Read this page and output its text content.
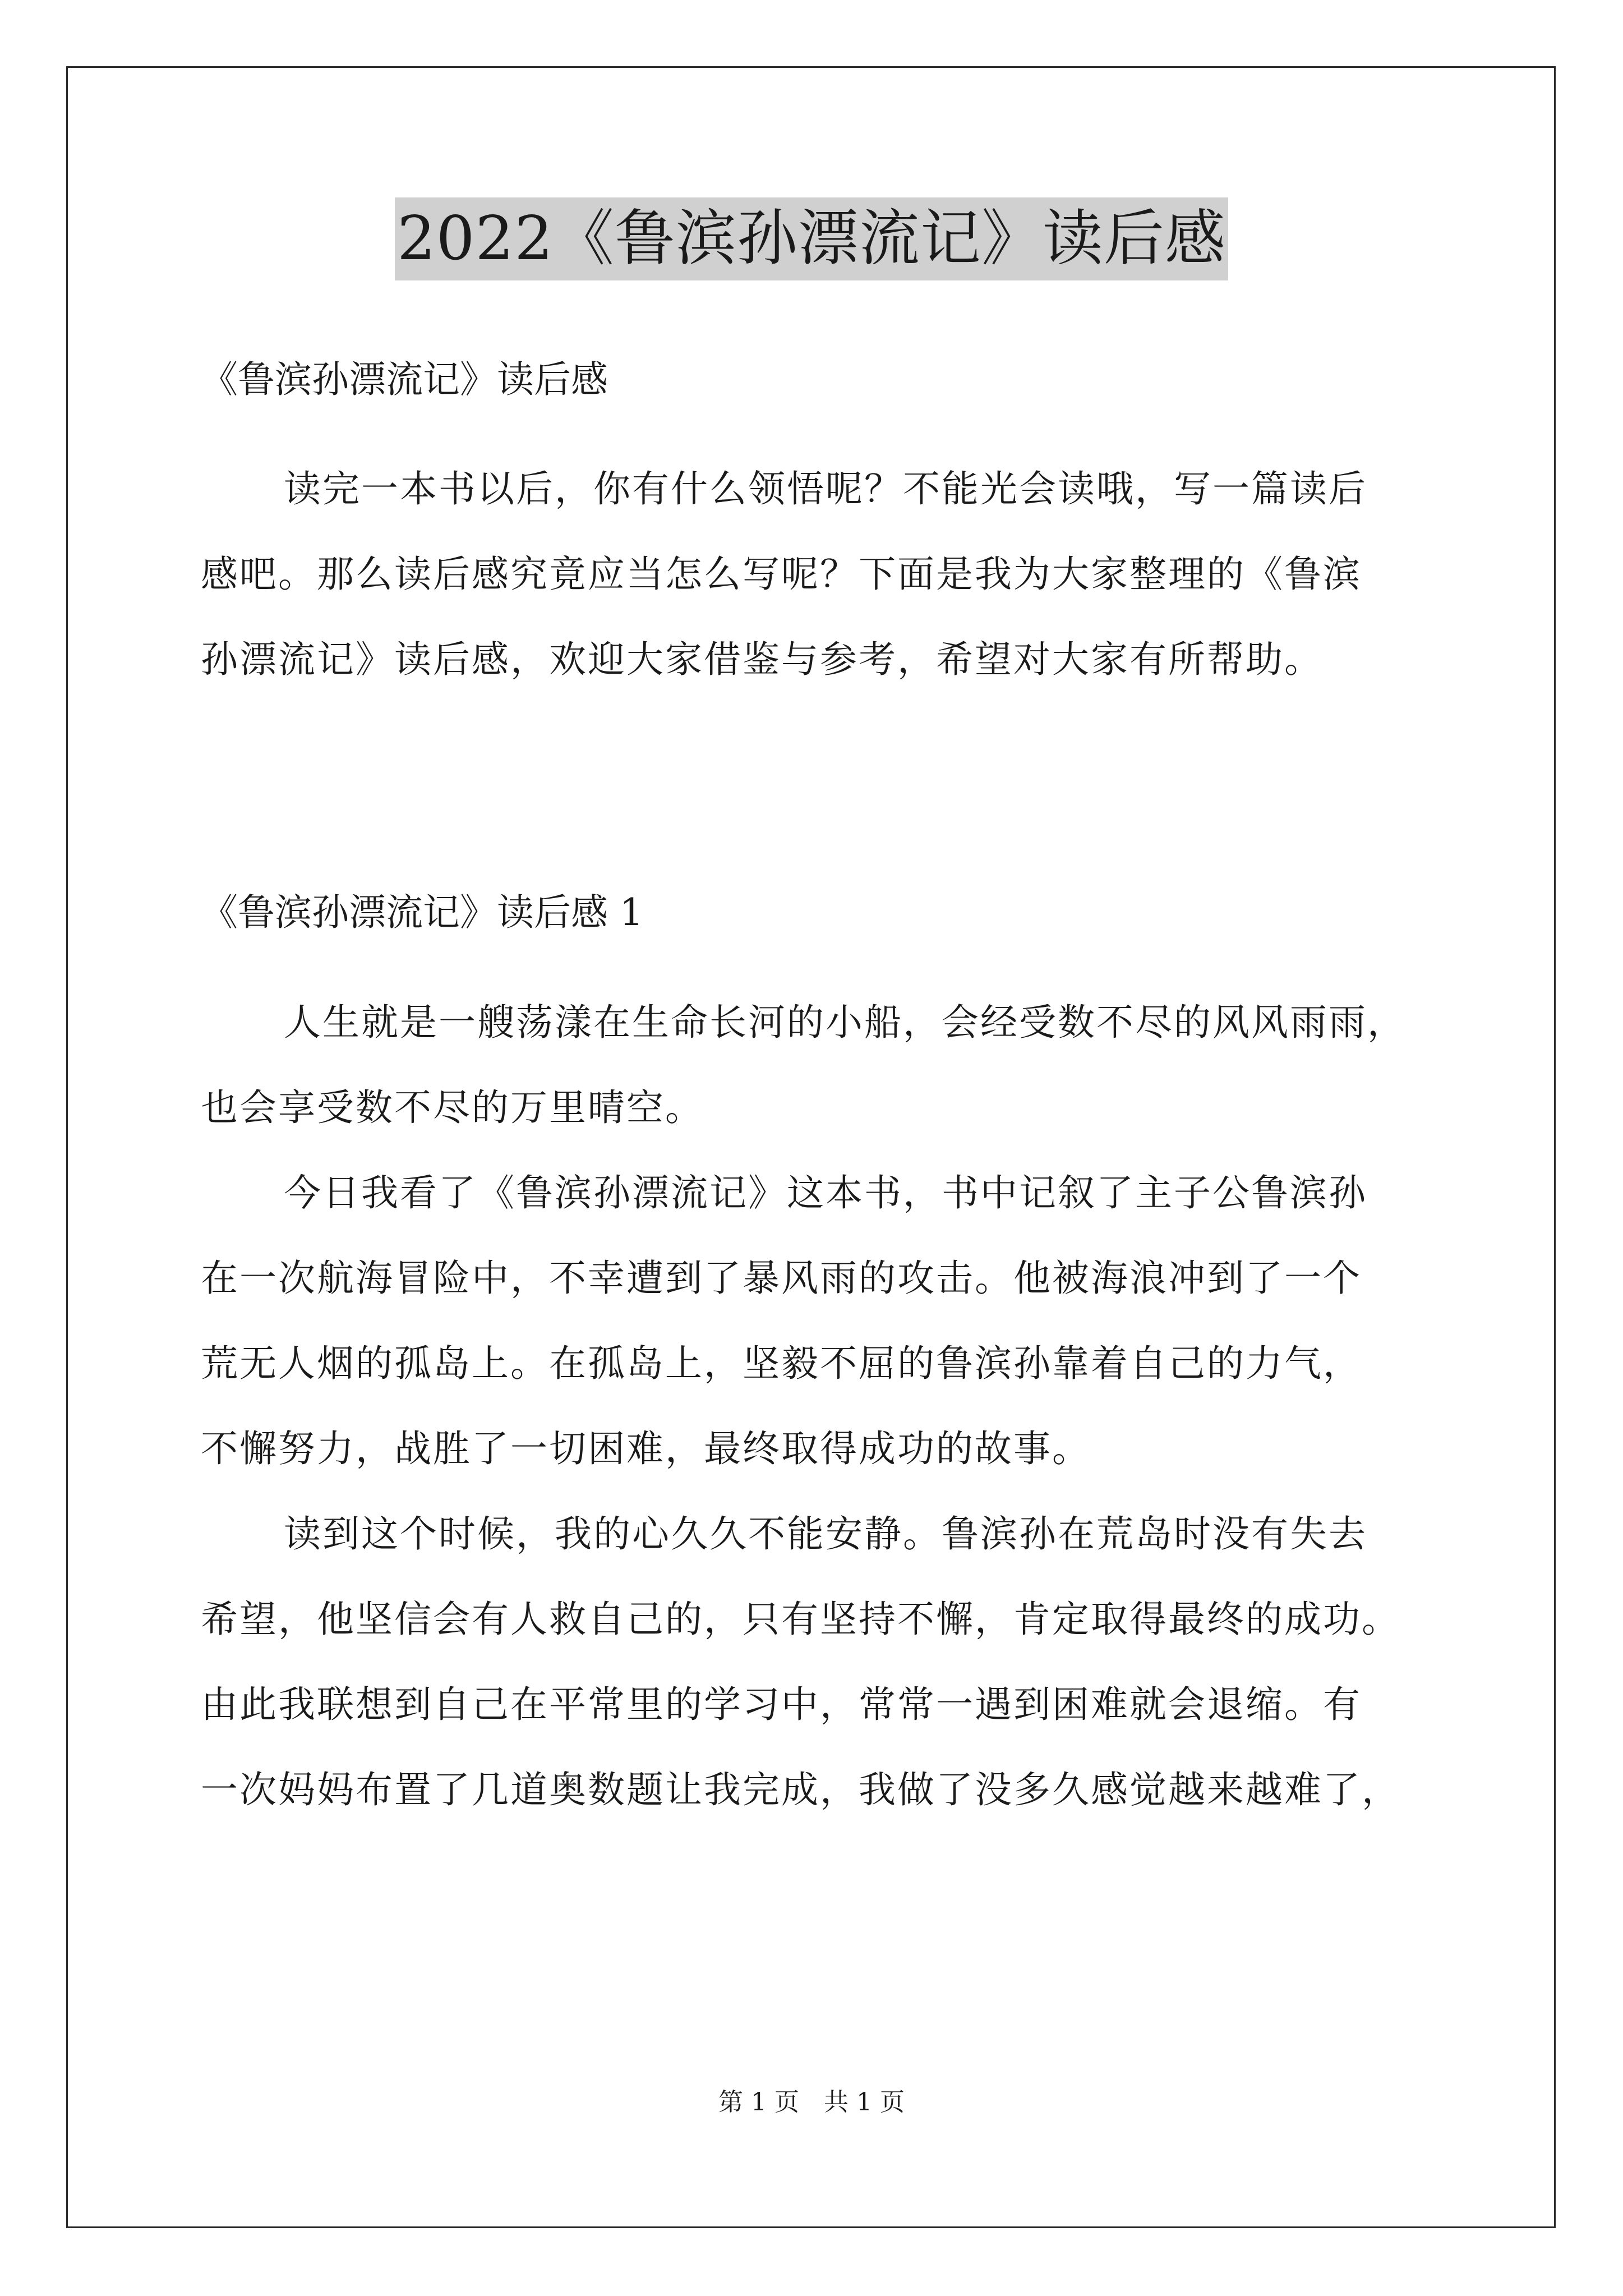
2022《鲁滨孙漂流记》读后感
《鲁滨孙漂流记》读后感
读完一本书以后，你有什么领悟呢？不能光会读哦，写一篇读后
感吧。那么读后感究竟应当怎么写呢？下面是我为大家整理的《鲁滨
孙漂流记》读后感，欢迎大家借鉴与参考，希望对大家有所帮助。
《鲁滨孙漂流记》读后感 1
人生就是一艘荡漾在生命长河的小船，会经受数不尽的风风雨雨，
也会享受数不尽的万里晴空。
今日我看了《鲁滨孙漂流记》这本书，书中记叙了主子公鲁滨孙
在一次航海冒险中，不幸遭到了暴风雨的攻击。他被海浪冲到了一个
荒无人烟的孤岛上。在孤岛上，坚毅不屈的鲁滨孙靠着自己的力气，
不懈努力，战胜了一切困难，最终取得成功的故事。
读到这个时候，我的心久久不能安静。鲁滨孙在荒岛时没有失去
希望，他坚信会有人救自己的，只有坚持不懈，肯定取得最终的成功。
由此我联想到自己在平常里的学习中，常常一遇到困难就会退缩。有
一次妈妈布置了几道奥数题让我完成，我做了没多久感觉越来越难了，
第 1 页　共 1 页
